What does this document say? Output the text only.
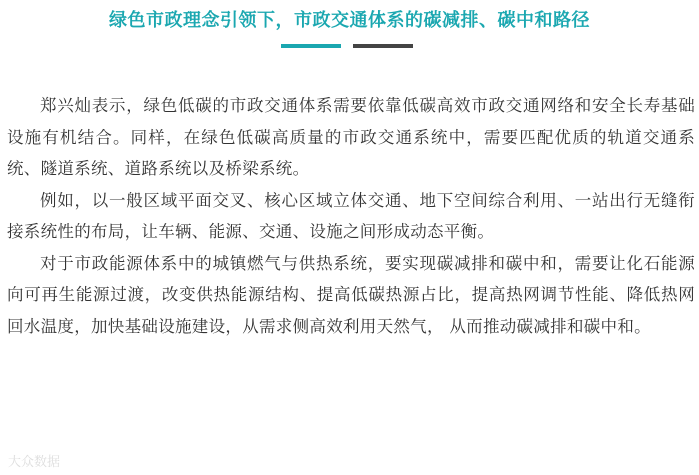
绿色市政理念引领下，市政交通体系的碳减排、碳中和路径

郑兴灿表示，绿色低碳的市政交通体系需要依靠低碳高效市政交通网络和安全长寿基础设施有机结合。同样，在绿色低碳高质量的市政交通系统中，需要匹配优质的轨道交通系统、隧道系统、道路系统以及桥梁系统。

例如，以一般区域平面交叉、核心区域立体交通、地下空间综合利用、一站出行无缝衔接系统性的布局，让车辆、能源、交通、设施之间形成动态平衡。

对于市政能源体系中的城镇燃气与供热系统，要实现碳减排和碳中和，需要让化石能源向可再生能源过渡，改变供热能源结构、提高低碳热源占比，提高热网调节性能、降低热网回水温度，加快基础设施建设，从需求侧高效利用天然气， 从而推动碳减排和碳中和。

大众数据
